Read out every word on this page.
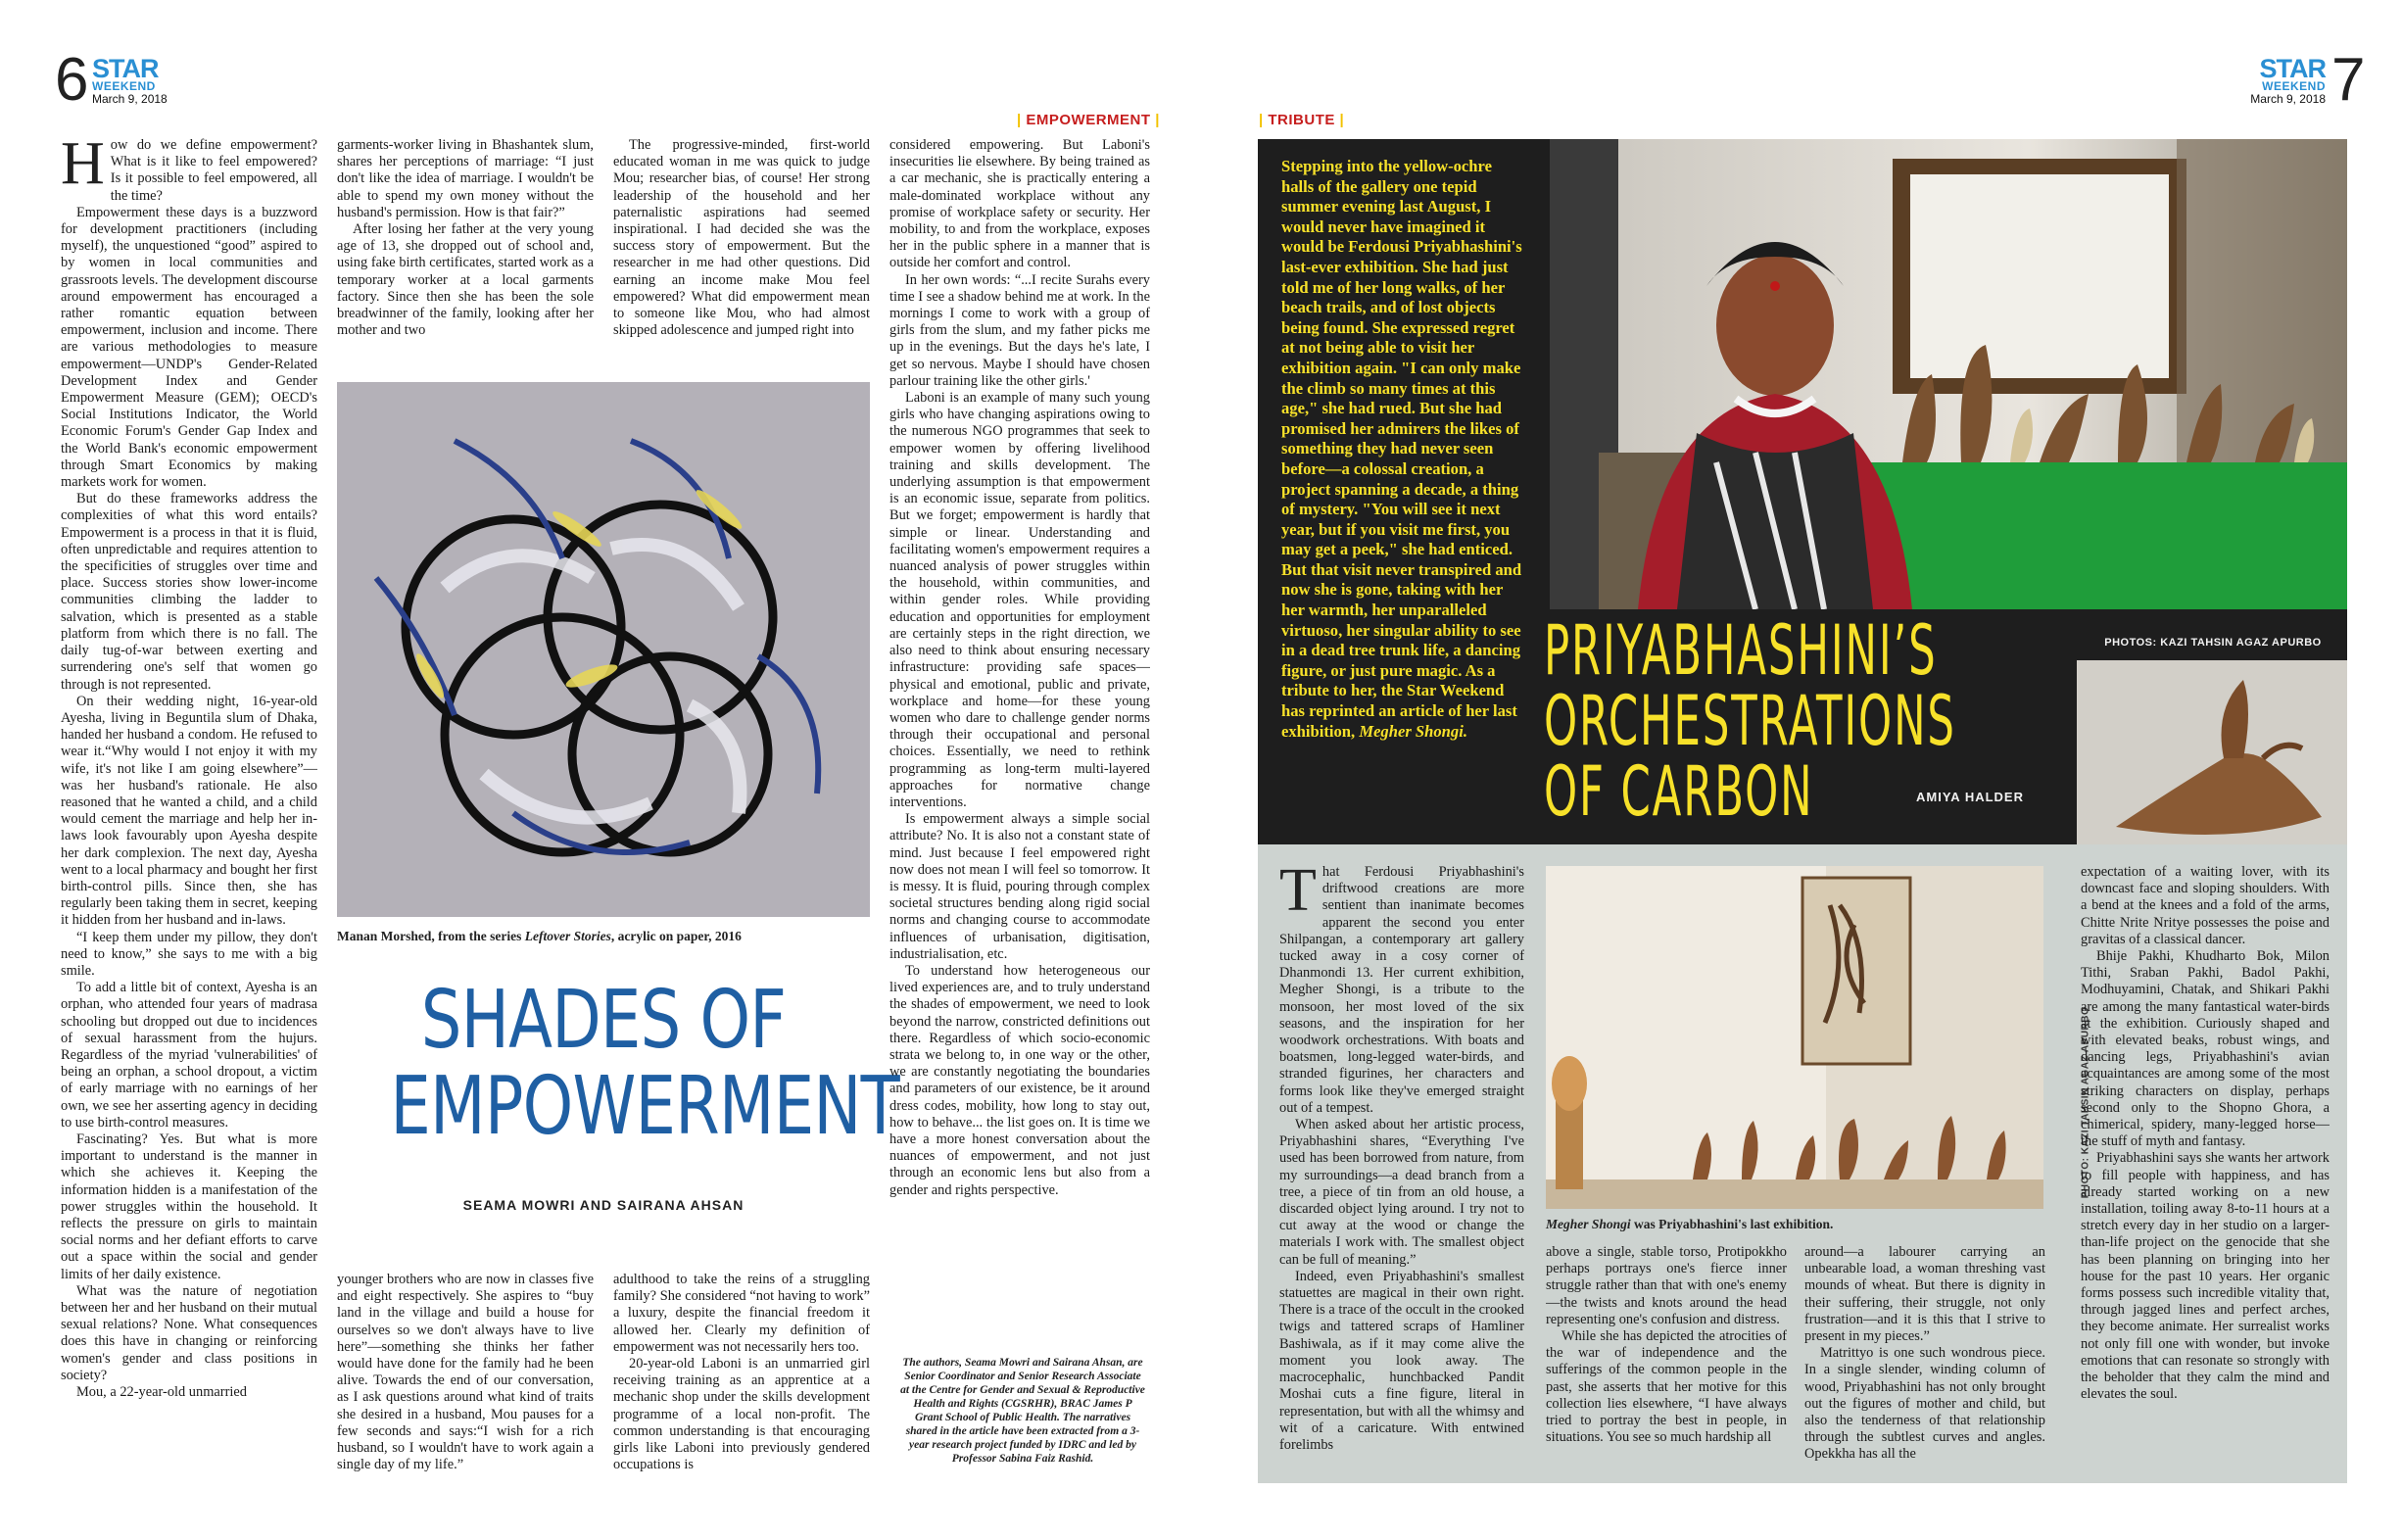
6 STAR
WEEKEND
March 9, 2018
| EMPOWERMENT |

How do we define empowerment? What is it like to feel empowered? Is it possible to feel empowered, all the time?

Empowerment these days is a buzzword for development practitioners (including myself), the unquestioned “good” aspired to by women in local communities and grassroots levels. The development discourse around empowerment has encouraged a rather romantic equation between empowerment, inclusion and income. There are various methodologies to measure empowerment—UNDP's Gender-Related Development Index and Gender Empowerment Measure (GEM); OECD's Social Institutions Indicator, the World Economic Forum's Gender Gap Index and the World Bank's economic empowerment through Smart Economics by making markets work for women.

But do these frameworks address the complexities of what this word entails? Empowerment is a process in that it is fluid, often unpredictable and requires attention to the specificities of struggles over time and place. Success stories show lower-income communities climbing the ladder to salvation, which is presented as a stable platform from which there is no fall. The daily tug-of-war between exerting and surrendering one's self that women go through is not represented.

On their wedding night, 16-year-old Ayesha, living in Beguntila slum of Dhaka, handed her husband a condom. He refused to wear it.“Why would I not enjoy it with my wife, it's not like I am going elsewhere”—was her husband's rationale. He also reasoned that he wanted a child, and a child would cement the marriage and help her in-laws look favourably upon Ayesha despite her dark complexion. The next day, Ayesha went to a local pharmacy and bought her first birth-control pills. Since then, she has regularly been taking them in secret, keeping it hidden from her husband and in-laws.

“I keep them under my pillow, they don't need to know,” she says to me with a big smile.

To add a little bit of context, Ayesha is an orphan, who attended four years of madrasa schooling but dropped out due to incidences of sexual harassment from the hujurs. Regardless of the myriad 'vulnerabilities' of being an orphan, a school dropout, a victim of early marriage with no earnings of her own, we see her asserting agency in deciding to use birth-control measures.

Fascinating? Yes. But what is more important to understand is the manner in which she achieves it. Keeping the information hidden is a manifestation of the power struggles within the household. It reflects the pressure on girls to maintain social norms and her defiant efforts to carve out a space within the social and gender limits of her daily existence.

What was the nature of negotiation between her and her husband on their mutual sexual relations? None. What consequences does this have in changing or reinforcing women's gender and class positions in society?

Mou, a 22-year-old unmarried

garments-worker living in Bhashantek slum, shares her perceptions of marriage: “I just don't like the idea of marriage. I wouldn't be able to spend my own money without the husband's permission. How is that fair?”

After losing her father at the very young age of 13, she dropped out of school and, using fake birth certificates, started work as a temporary worker at a local garments factory. Since then she has been the sole breadwinner of the family, looking after her mother and two

The progressive-minded, first-world educated woman in me was quick to judge Mou; researcher bias, of course! Her strong leadership of the household and her paternalistic aspirations had seemed inspirational. I had decided she was the success story of empowerment. But the researcher in me had other questions. Did earning an income make Mou feel empowered? What did empowerment mean to someone like Mou, who had almost skipped adolescence and jumped right into

Manan Morshed, from the series Leftover Stories, acrylic on paper, 2016
SHADES OF
EMPOWERMENT
SEAMA MOWRI AND SAIRANA AHSAN

younger brothers who are now in classes five and eight respectively. She aspires to “buy land in the village and build a house for ourselves so we don't always have to live here”—something she thinks her father would have done for the family had he been alive. Towards the end of our conversation, as I ask questions around what kind of traits she desired in a husband, Mou pauses for a few seconds and says:“I wish for a rich husband, so I wouldn't have to work again a single day of my life.”

adulthood to take the reins of a struggling family? She considered “not having to work” a luxury, despite the financial freedom it allowed her. Clearly my definition of empowerment was not necessarily hers too.

20-year-old Laboni is an unmarried girl receiving training as an apprentice at a mechanic shop under the skills development programme of a local non-profit. The common understanding is that encouraging girls like Laboni into previously gendered occupations is

considered empowering. But Laboni's insecurities lie elsewhere. By being trained as a car mechanic, she is practically entering a male-dominated workplace without any promise of workplace safety or security. Her mobility, to and from the workplace, exposes her in the public sphere in a manner that is outside her comfort and control.

In her own words: “...I recite Surahs every time I see a shadow behind me at work. In the mornings I come to work with a group of girls from the slum, and my father picks me up in the evenings. But the days he's late, I get so nervous. Maybe I should have chosen parlour training like the other girls.'

Laboni is an example of many such young girls who have changing aspirations owing to the numerous NGO programmes that seek to empower women by offering livelihood training and skills development. The underlying assumption is that empowerment is an economic issue, separate from politics. But we forget; empowerment is hardly that simple or linear. Understanding and facilitating women's empowerment requires a nuanced analysis of power struggles within the household, within communities, and within gender roles. While providing education and opportunities for employment are certainly steps in the right direction, we also need to think about ensuring necessary infrastructure: providing safe spaces—physical and emotional, public and private, workplace and home—for these young women who dare to challenge gender norms through their occupational and personal choices. Essentially, we need to rethink programming as long-term multi-layered approaches for normative change interventions.

Is empowerment always a simple social attribute? No. It is also not a constant state of mind. Just because I feel empowered right now does not mean I will feel so tomorrow. It is messy. It is fluid, pouring through complex societal structures bending along rigid social norms and changing course to accommodate influences of urbanisation, digitisation, industrialisation, etc.

To understand how heterogeneous our lived experiences are, and to truly understand the shades of empowerment, we need to look beyond the narrow, constricted definitions out there. Regardless of which socio-economic strata we belong to, in one way or the other, we are constantly negotiating the boundaries and parameters of our existence, be it around dress codes, mobility, how long to stay out, how to behave... the list goes on. It is time we have a more honest conversation about the nuances of empowerment, and not just through an economic lens but also from a gender and rights perspective.

The authors, Seama Mowri and Sairana Ahsan, are Senior Coordinator and Senior Research Associate at the Centre for Gender and Sexual & Reproductive Health and Rights (CGSRHR), BRAC James P Grant School of Public Health. The narratives shared in the article have been extracted from a 3-year research project funded by IDRC and led by Professor Sabina Faiz Rashid.
| TRIBUTE |
STAR
WEEKEND
March 9, 2018 7
Stepping into the yellow-ochre halls of the gallery one tepid summer evening last August, I would never have imagined it would be Ferdousi Priyabhashini's last-ever exhibition. She had just told me of her long walks, of her beach trails, and of lost objects being found. She expressed regret at not being able to visit her exhibition again. "I can only make the climb so many times at this age," she had rued. But she had promised her admirers the likes of something they had never seen before—a colossal creation, a project spanning a decade, a thing of mystery. "You will see it next year, but if you visit me first, you may get a peek," she had enticed. But that visit never transpired and now she is gone, taking with her her warmth, her unparalleled virtuoso, her singular ability to see in a dead tree trunk life, a dancing figure, or just pure magic. As a tribute to her, the Star Weekend has reprinted an article of her last exhibition, Megher Shongi.
PRIYABHASHINI’S
ORCHESTRATIONS
OF CARBON	AMIYA HALDER
PHOTOS: KAZI TAHSIN AGAZ APURBO
Megher Shongi was Priyabhashini's last exhibition.
PHOTO: KAZI TAHSIN AGAZ APURBO

That Ferdousi Priyabhashini's driftwood creations are more sentient than inanimate becomes apparent the second you enter Shilpangan, a contemporary art gallery tucked away in a cosy corner of Dhanmondi 13. Her current exhibition, Megher Shongi, is a tribute to the monsoon, her most loved of the six seasons, and the inspiration for her woodwork orchestrations. With boats and boatsmen, long-legged water-birds, and stranded figurines, her characters and forms look like they've emerged straight out of a tempest.

When asked about her artistic process, Priyabhashini shares, “Everything I've used has been borrowed from nature, from my surroundings—a dead branch from a tree, a piece of tin from an old house, a discarded object lying around. I try not to cut away at the wood or change the materials I work with. The smallest object can be full of meaning.”

Indeed, even Priyabhashini's smallest statuettes are magical in their own right. There is a trace of the occult in the crooked twigs and tattered scraps of Hamliner Bashiwala, as if it may come alive the moment you look away. The macrocephalic, hunchbacked Pandit Moshai cuts a fine figure, literal in representation, but with all the whimsy and wit of a caricature. With entwined forelimbs

above a single, stable torso, Protipokkho perhaps portrays one's fierce inner struggle rather than that with one's enemy—the twists and knots around the head representing one's confusion and distress.

While she has depicted the atrocities of the war of independence and the sufferings of the common people in the past, she asserts that her motive for this collection lies elsewhere, “I have always tried to portray the best in people, in situations. You see so much hardship all

around—a labourer carrying an unbearable load, a woman threshing vast mounds of wheat. But there is dignity in their suffering, their struggle, not only frustration—and it is this that I strive to present in my pieces.”

Matrittyo is one such wondrous piece. In a single slender, winding column of wood, Priyabhashini has not only brought out the figures of mother and child, but also the tenderness of that relationship through the subtlest curves and angles. Opekkha has all the

expectation of a waiting lover, with its downcast face and sloping shoulders. With a bend at the knees and a fold of the arms, Chitte Nrite Nritye possesses the poise and gravitas of a classical dancer.

Bhije Pakhi, Khudharto Bok, Milon Tithi, Sraban Pakhi, Badol Pakhi, Modhuyamini, Chatak, and Shikari Pakhi are among the many fantastical water-birds at the exhibition. Curiously shaped and with elevated beaks, robust wings, and dancing legs, Priyabhashini's avian acquaintances are among some of the most striking characters on display, perhaps second only to the Shopno Ghora, a chimerical, spidery, many-legged horse—the stuff of myth and fantasy.

Priyabhashini says she wants her artwork to fill people with happiness, and has already started working on a new installation, toiling away 8-to-11 hours at a stretch every day in her studio on a larger-than-life project on the genocide that she has been planning on bringing into her house for the past 10 years. Her organic forms possess such incredible vitality that, through jagged lines and perfect arches, they become animate. Her surrealist works not only fill one with wonder, but invoke emotions that can resonate so strongly with the beholder that they calm the mind and elevates the soul.
